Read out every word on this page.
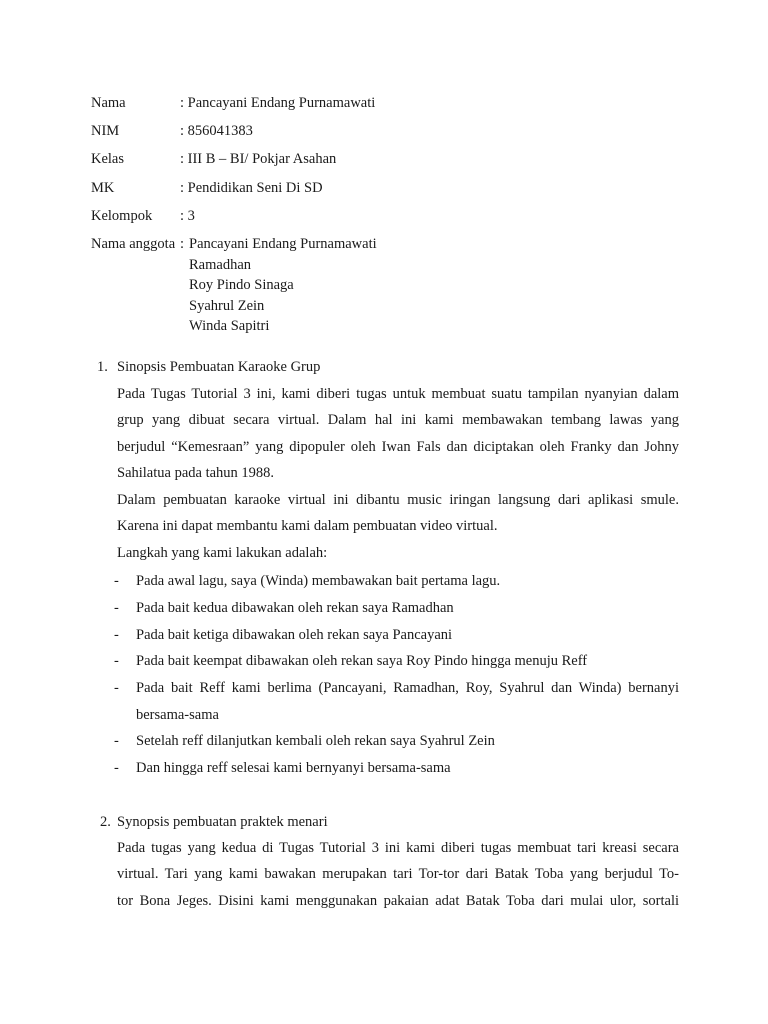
Nama	: Pancayani Endang Purnamawati
NIM	: 856041383
Kelas	: III B – BI/ Pokjar Asahan
MK	: Pendidikan Seni Di SD
Kelompok : 3
Nama anggota : Pancayani Endang Purnamawati
Ramadhan
Roy Pindo Sinaga
Syahrul Zein
Winda Sapitri
1. Sinopsis Pembuatan Karaoke Grup
Pada Tugas Tutorial 3 ini, kami diberi tugas untuk membuat suatu tampilan nyanyian dalam
grup yang dibuat secara virtual. Dalam hal ini kami membawakan tembang lawas yang
berjudul “Kemesraan” yang dipopuler oleh Iwan Fals dan diciptakan oleh Franky dan Johny
Sahilatua pada tahun 1988.
Dalam pembuatan karaoke virtual ini dibantu music iringan langsung dari aplikasi smule.
Karena ini dapat membantu kami dalam pembuatan video virtual.
Langkah yang kami lakukan adalah:
- Pada awal lagu, saya (Winda) membawakan bait pertama lagu.
- Pada bait kedua dibawakan oleh rekan saya Ramadhan
- Pada bait ketiga dibawakan oleh rekan saya Pancayani
- Pada bait keempat dibawakan oleh rekan saya Roy Pindo hingga menuju Reff
- Pada bait Reff kami berlima (Pancayani, Ramadhan, Roy, Syahrul dan Winda) bernanyi
bersama-sama
- Setelah reff dilanjutkan kembali oleh rekan saya Syahrul Zein
- Dan hingga reff selesai kami bernyanyi bersama-sama
2. Synopsis pembuatan praktek menari
Pada tugas yang kedua di Tugas Tutorial 3 ini kami diberi tugas membuat tari kreasi secara
virtual. Tari yang kami bawakan merupakan tari Tor-tor dari Batak Toba yang berjudul To-
tor Bona Jeges. Disini kami menggunakan pakaian adat Batak Toba dari mulai ulor, sortali
